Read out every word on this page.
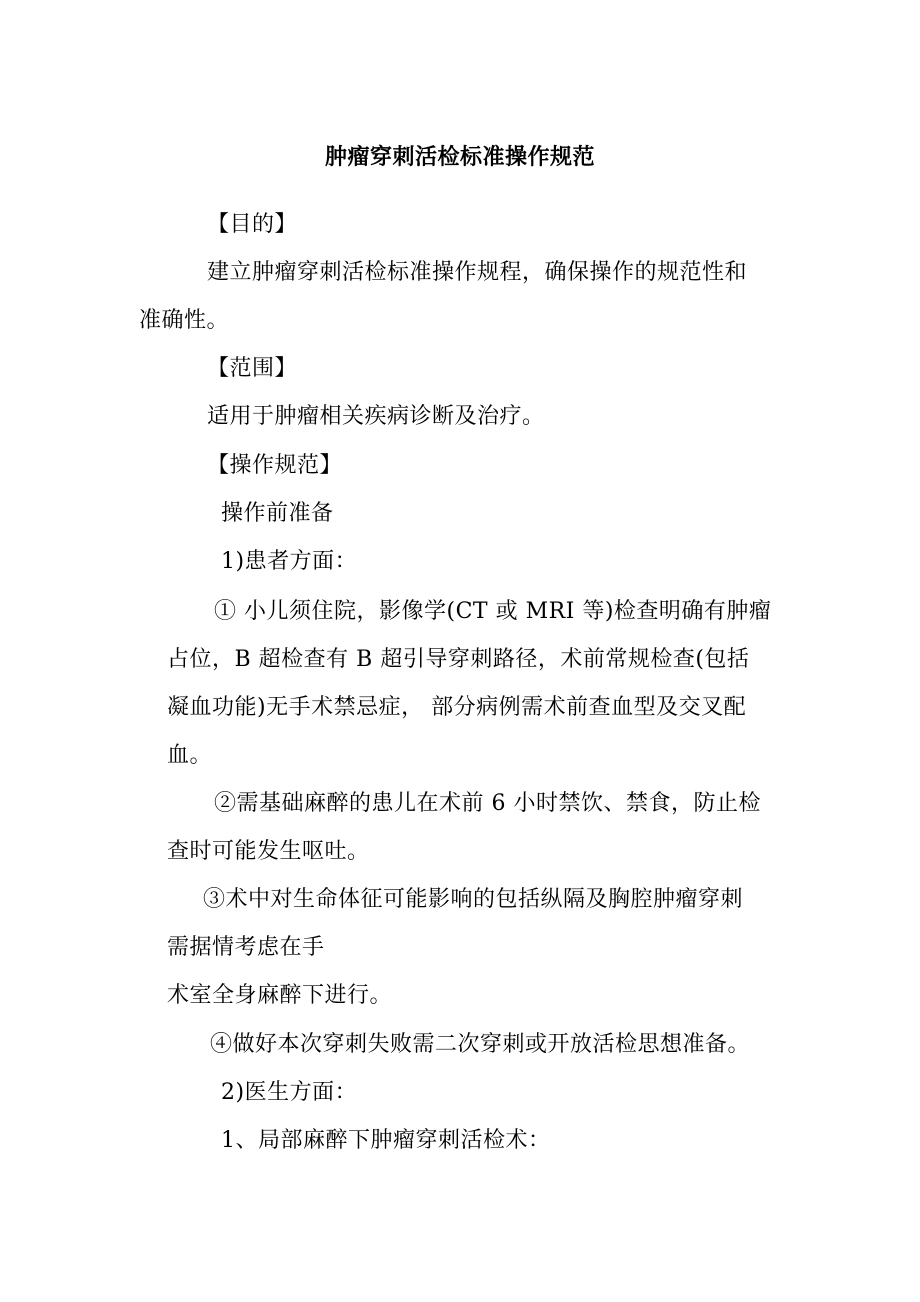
肿瘤穿刺活检标准操作规范

【目的】

建立肿瘤穿刺活检标准操作规程，确保操作的规范性和

准确性。

【范围】

适用于肿瘤相关疾病诊断及治疗。

【操作规范】

操作前准备

1)患者方面：

① 小儿须住院，影像学(CT 或 MRI 等)检查明确有肿瘤

占位，B 超检查有 B 超引导穿刺路径，术前常规检查(包括

凝血功能)无手术禁忌症， 部分病例需术前查血型及交叉配

血。

②需基础麻醉的患儿在术前 6 小时禁饮、禁食，防止检

查时可能发生呕吐。

③术中对生命体征可能影响的包括纵隔及胸腔肿瘤穿刺

需据情考虑在手

术室全身麻醉下进行。

④做好本次穿刺失败需二次穿刺或开放活检思想准备。

2)医生方面：

1、局部麻醉下肿瘤穿刺活检术：
